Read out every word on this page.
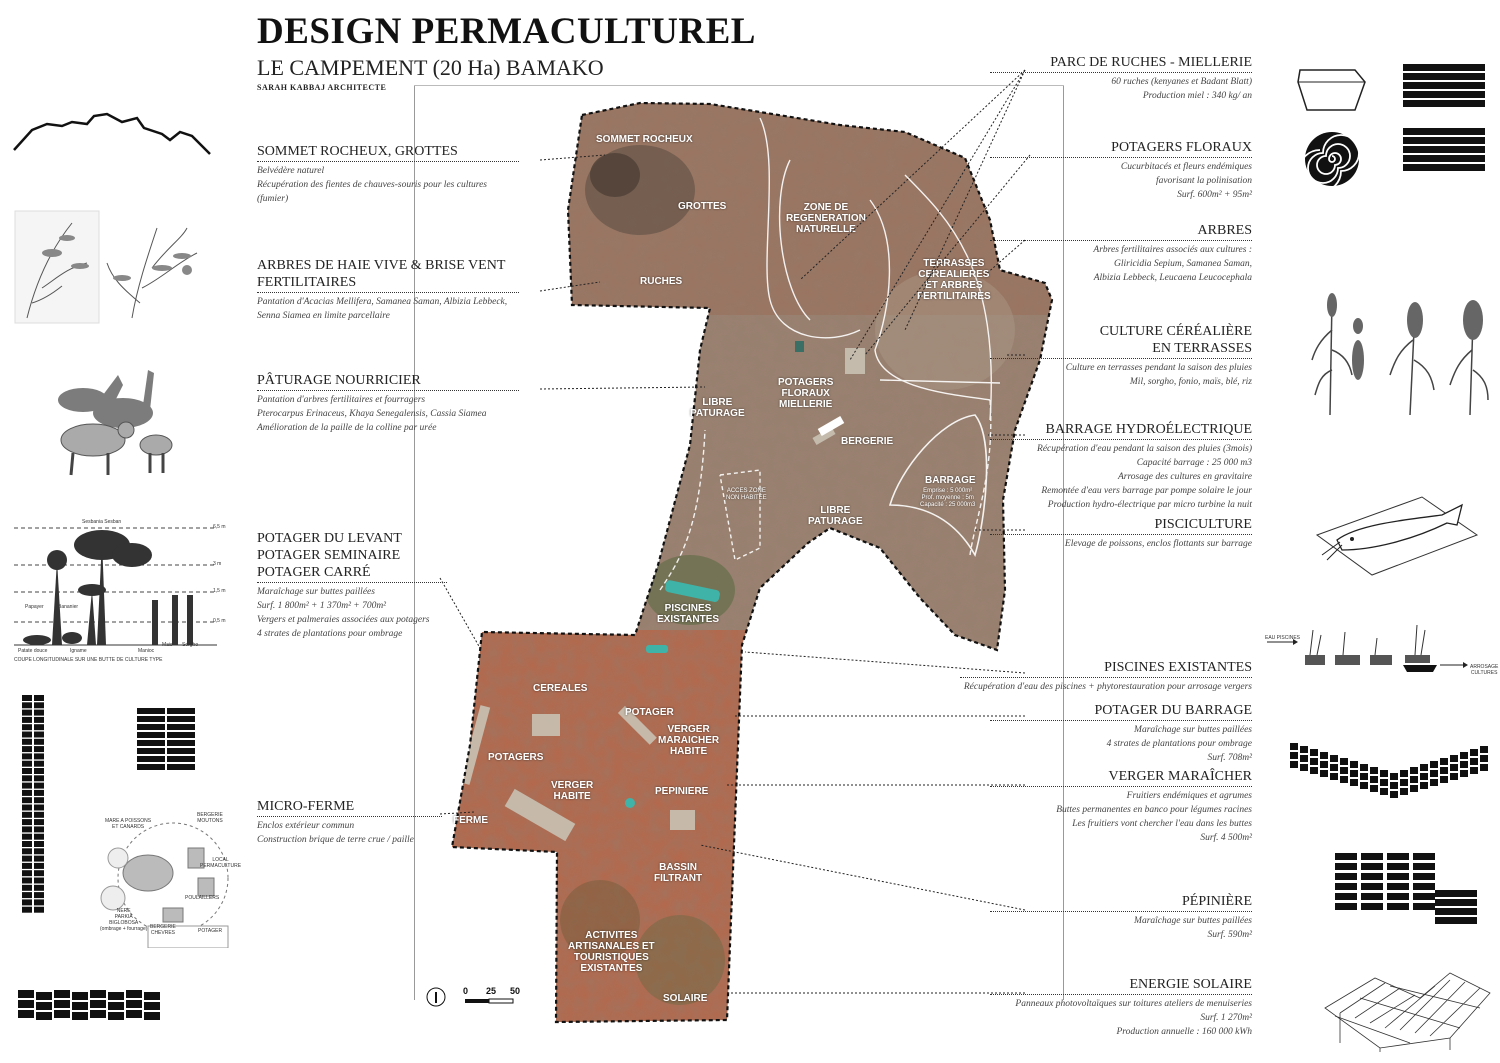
DESIGN PERMACULTUREL
LE CAMPEMENT (20 Ha) BAMAKO
SARAH KABBAJ ARCHITECTE
SOMMET ROCHEUX
GROTTES
RUCHES
ZONE DE
REGENERATION
NATURELLE
TERRASSES
CEREALIERES
ET ARBRES
FERTILITAIRES
POTAGERS
FLORAUX
MIELLERIE
LIBRE
PATURAGE
BERGERIE
LIBRE
PATURAGE
BARRAGE
Emprise : 5 000m²
Prof. moyenne : 5m
Capacité : 25 000m3
ACCES ZONE
NON HABITEE
PISCINES
EXISTANTES
CEREALES
POTAGER
VERGER
MARAICHER
HABITE
POTAGERS
VERGER
HABITE	PEPINIERE
FERME
BASSIN
FILTRANT
ACTIVITES
ARTISANALES ET
TOURISTIQUES
EXISTANTES
SOLAIRE
SOMMET ROCHEUX, GROTTES

Belvédère naturel
Récupération des fientes de chauves-souris pour les cultures (fumier)

ARBRES DE HAIE VIVE & BRISE VENT FERTILITAIRES

Pantation d'Acacias Mellifera, Samanea Saman, Albizia Lebbeck,
Senna Siamea en limite parcellaire

PÂTURAGE NOURRICIER

Pantation d'arbres fertilitaires et fourragers
Pterocarpus Erinaceus, Khaya Senegalensis, Cassia Siamea
Amélioration de la paille de la colline par urée

POTAGER DU LEVANT
POTAGER SEMINAIRE
POTAGER CARRÉ

Maraîchage sur buttes paillées
Surf. 1 800m² + 1 370m² + 700m²
Vergers et palmeraies associées aux potagers
4 strates de plantations pour ombrage

MICRO-FERME

Enclos extérieur commun
Construction brique de terre crue / paille

PARC DE RUCHES - MIELLERIE

60 ruches (kenyanes et Badant Blatt)
Production miel : 340 kg/ an

POTAGERS FLORAUX

Cucurbitacés et fleurs endémiques
favorisant la polinisation
Surf. 600m² + 95m²

ARBRES

Arbres fertilitaires associés aux cultures :
Gliricidia Sepium, Samanea Saman,
Albizia Lebbeck, Leucaena Leucocephala

CULTURE CÉRÉALIÈRE
EN TERRASSES

Culture en terrasses pendant la saison des pluies
Mil, sorgho, fonio, maïs, blé, riz

BARRAGE HYDROÉLECTRIQUE

Récupération d'eau pendant la saison des pluies (3mois)
Capacité barrage : 25 000 m3
Arrosage des cultures en gravitaire
Remontée d'eau vers barrage par pompe solaire le jour
Production hydro-électrique par micro turbine la nuit

PISCICULTURE

Elevage de poissons, enclos flottants sur barrage

PISCINES EXISTANTES

Récupération d'eau des piscines + phytorestauration pour arrosage vergers

POTAGER DU BARRAGE

Maraîchage sur buttes paillées
4 strates de plantations pour ombrage
Surf. 708m²

VERGER MARAÎCHER

Fruitiers endémiques et agrumes
Buttes permanentes en banco pour légumes racines
Les fruitiers vont chercher l'eau dans les buttes
Surf. 4 500m²

PÉPINIÈRE

Maraîchage sur buttes paillées
Surf. 590m²

ENERGIE SOLAIRE

Panneaux photovoltaïques sur toitures ateliers de menuiseries
Surf. 1 270m²
Production annuelle : 160 000 kWh

0 25 50
Sesbania Sesban
Papayer	Bananier
Patate douce	Igname	Manioc
Mais Sorgho
6,5 m
3 m
1,5 m
0,5 m
COUPE LONGITUDINALE SUR UNE BUTTE DE CULTURE TYPE
MARE A POISSONS
ET CANARDS
BERGERIE
MOUTONS
LOCAL
PERMACULTURE
POULAILLERS
BERGERIE
CHEVRES	POTAGER
NERE
PARKIA
BIGLOBOSA
(ombrage + fourrage)
EAU PISCINES
ARROSAGE
CULTURES
